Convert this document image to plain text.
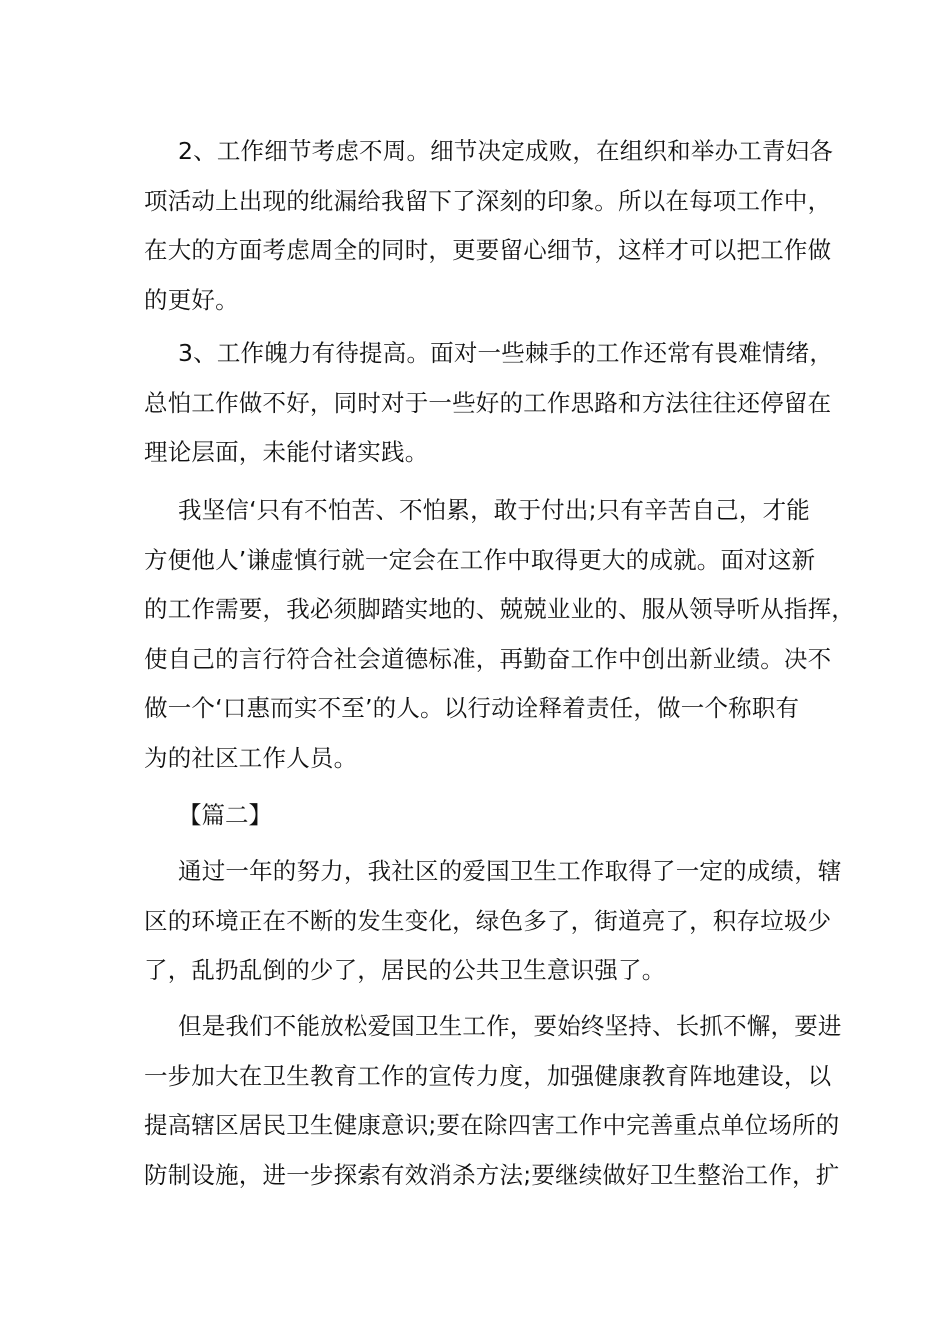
2、工作细节考虑不周。细节决定成败，在组织和举办工青妇各
项活动上出现的纰漏给我留下了深刻的印象。所以在每项工作中，
在大的方面考虑周全的同时，更要留心细节，这样才可以把工作做
的更好。
3、工作魄力有待提高。面对一些棘手的工作还常有畏难情绪，
总怕工作做不好，同时对于一些好的工作思路和方法往往还停留在
理论层面，未能付诸实践。
我坚信‘只有不怕苦、不怕累，敢于付出;只有辛苦自己，才能
方便他人’谦虚慎行就一定会在工作中取得更大的成就。面对这新
的工作需要，我必须脚踏实地的、兢兢业业的、服从领导听从指挥，
使自己的言行符合社会道德标准，再勤奋工作中创出新业绩。决不
做一个‘口惠而实不至’的人。以行动诠释着责任，做一个称职有
为的社区工作人员。
【篇二】
通过一年的努力，我社区的爱国卫生工作取得了一定的成绩，辖
区的环境正在不断的发生变化，绿色多了，街道亮了，积存垃圾少
了，乱扔乱倒的少了，居民的公共卫生意识强了。
但是我们不能放松爱国卫生工作，要始终坚持、长抓不懈，要进
一步加大在卫生教育工作的宣传力度，加强健康教育阵地建设，以
提高辖区居民卫生健康意识;要在除四害工作中完善重点单位场所的
防制设施，进一步探索有效消杀方法;要继续做好卫生整治工作，扩
